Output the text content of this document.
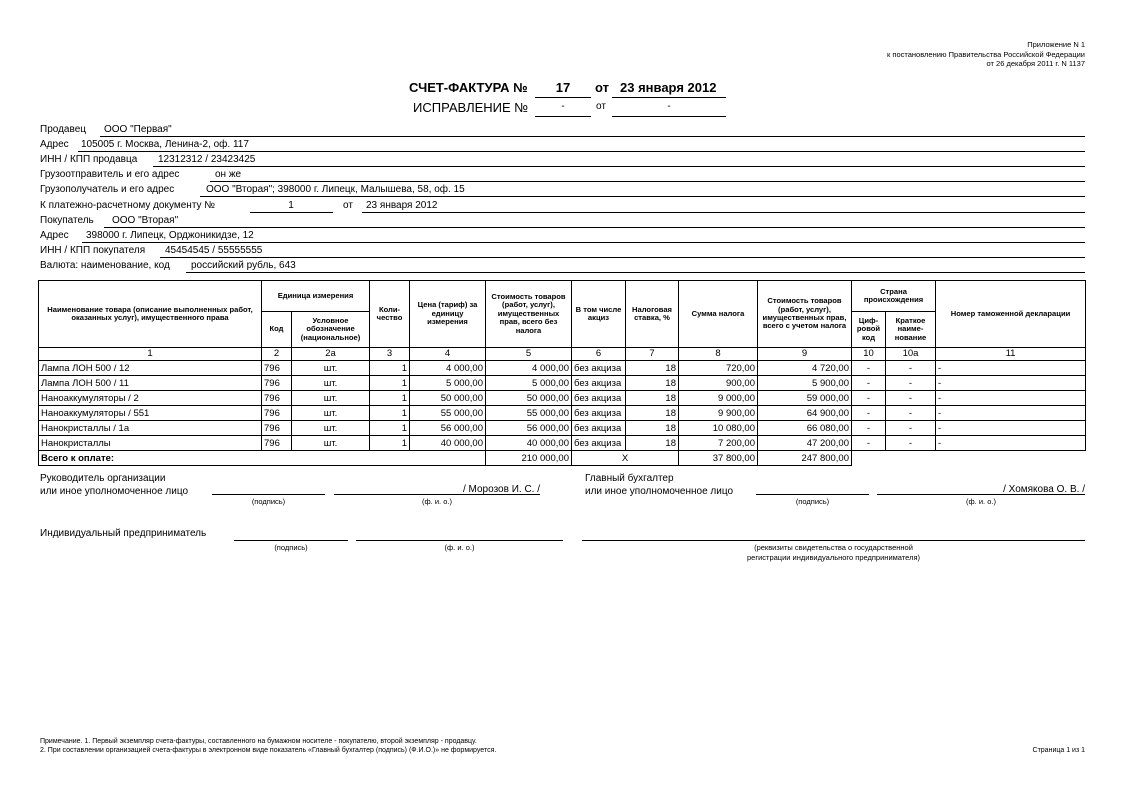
Приложение N 1
к постановлению Правительства Российской Федерации
от 26 декабря 2011 г. N 1137
СЧЕТ-ФАКТУРА №	17	от 23 января 2012
ИСПРАВЛЕНИЕ №	-	от	-
Продавец ООО "Первая"
Адрес 105005 г. Москва, Ленина-2, оф. 117
ИНН / КПП продавца 12312312 / 23423425
Грузоотправитель и его адрес	он же
Грузополучатель и его адрес	ООО "Вторая"; 398000 г. Липецк, Малышева, 58, оф. 15
К платежно-расчетному документу №	1	от 23 января 2012
Покупатель ООО "Вторая"
Адрес 398000 г. Липецк, Орджоникидзе, 12
ИНН / КПП покупателя 45454545 / 55555555
Валюта: наименование, код российский рубль, 643
Наименование товара (описание выполненных работ, оказанных услуг), имущественного права	Единица измерения		Коли-чество	Цена (тариф) за единицу измерения	Стоимость товаров (работ, услуг), имущественных прав, всего без налога	В том числе акциз	Налоговая ставка, %	Сумма налога	Стоимость товаров (работ, услуг), имущественных прав, всего с учетом налога	Страна происхождения		Номер таможенной декларации
	Код	Условное обозначение (национальное)								Циф-ровой код	Краткое наиме-нование	
1	2	2а	3	4	5	6	7	8	9	10	10а	11
Лампа ЛОН 500 / 12	796	шт.	1	4 000,00	4 000,00	без акциза	18	720,00	4 720,00	-	-	-
Лампа ЛОН 500 / 11	796	шт.	1	5 000,00	5 000,00	без акциза	18	900,00	5 900,00	-	-	-
Наноаккумуляторы / 2	796	шт.	1	50 000,00	50 000,00	без акциза	18	9 000,00	59 000,00	-	-	-
Наноаккумуляторы / 551	796	шт.	1	55 000,00	55 000,00	без акциза	18	9 900,00	64 900,00	-	-	-
Нанокристаллы / 1а	796	шт.	1	56 000,00	56 000,00	без акциза	18	10 080,00	66 080,00	-	-	-
Нанокристаллы	796	шт.	1	40 000,00	40 000,00	без акциза	18	7 200,00	47 200,00	-	-	-
Всего к оплате:					210 000,00	X		37 800,00	247 800,00			
Руководитель организации
или иное уполномоченное лицо
(подпись)
/ Морозов И. С. /
(ф. и. о.)
Главный бухгалтер
или иное уполномоченное лицо
(подпись)
/ Хомякова О. В. /
(ф. и. о.)
Индивидуальный предприниматель
(подпись)	(ф. и. о.)	(реквизиты свидетельства о государственной
регистрации индивидуального предпринимателя)
Примечание. 1. Первый экземпляр счета-фактуры, составленного на бумажном носителе - покупателю, второй экземпляр - продавцу.
2. При составлении организацией счета-фактуры в электронном виде показатель «Главный бухгалтер (подпись) (Ф.И.О.)» не формируется.	Страница 1 из 1
